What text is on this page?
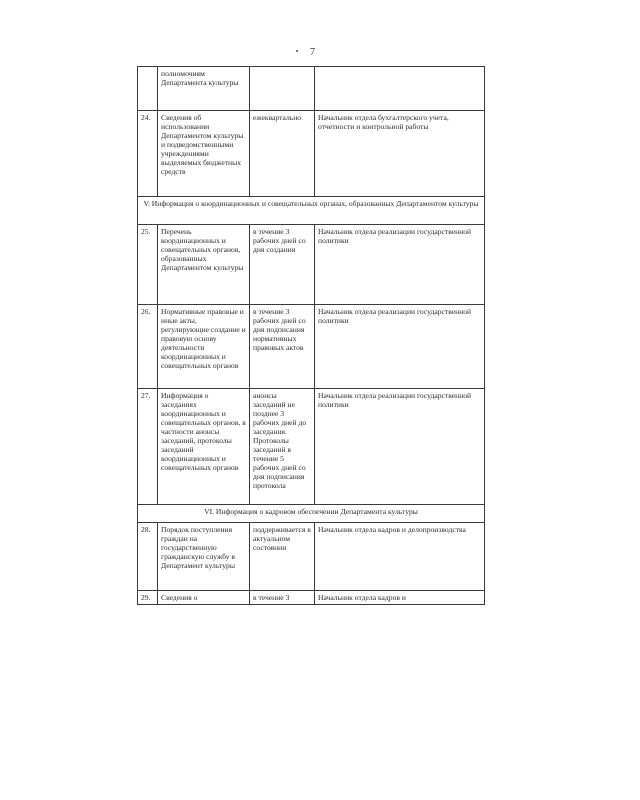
7
	полномочиям Департамента культуры		
24.	Сведения об использовании Департаментом культуры и подведомственными учреждениями выделяемых бюджетных средств	ежеквартально	Начальник отдела бухгалтерского учета, отчетности и контрольной работы
V. Информация о координационных и совещательных органах, образованных Департаментом культуры			
25.	Перечень координационных и совещательных органов, образованных Департаментом культуры	в течение 3 рабочих дней со дня создания	Начальник отдела реализации государственной политики
26.	Нормативные правовые и иные акты, регулирующие создание и правовую основу деятельности координационных и совещательных органов	в течение 3 рабочих дней со дня подписания нормативных правовых актов	Начальник отдела реализации государственной политики
27.	Информация о заседаниях координационных и совещательных органов, в частности анонсы заседаний, протоколы заседаний координационных и совещательных органов	анонсы заседаний не позднее 3 рабочих дней до заседания. Протоколы заседаний в течение 5 рабочих дней со дня подписания протокола	Начальник отдела реализации государственной политики
VI. Информация о кадровом обеспечении Департамента культуры			
28.	Порядок поступления граждан на государственную гражданскую службу в Департамент культуры	поддерживается в актуальном состоянии	Начальник отдела кадров и делопроизводства
29.	Сведения о	в течение 3	Начальник отдела кадров и
